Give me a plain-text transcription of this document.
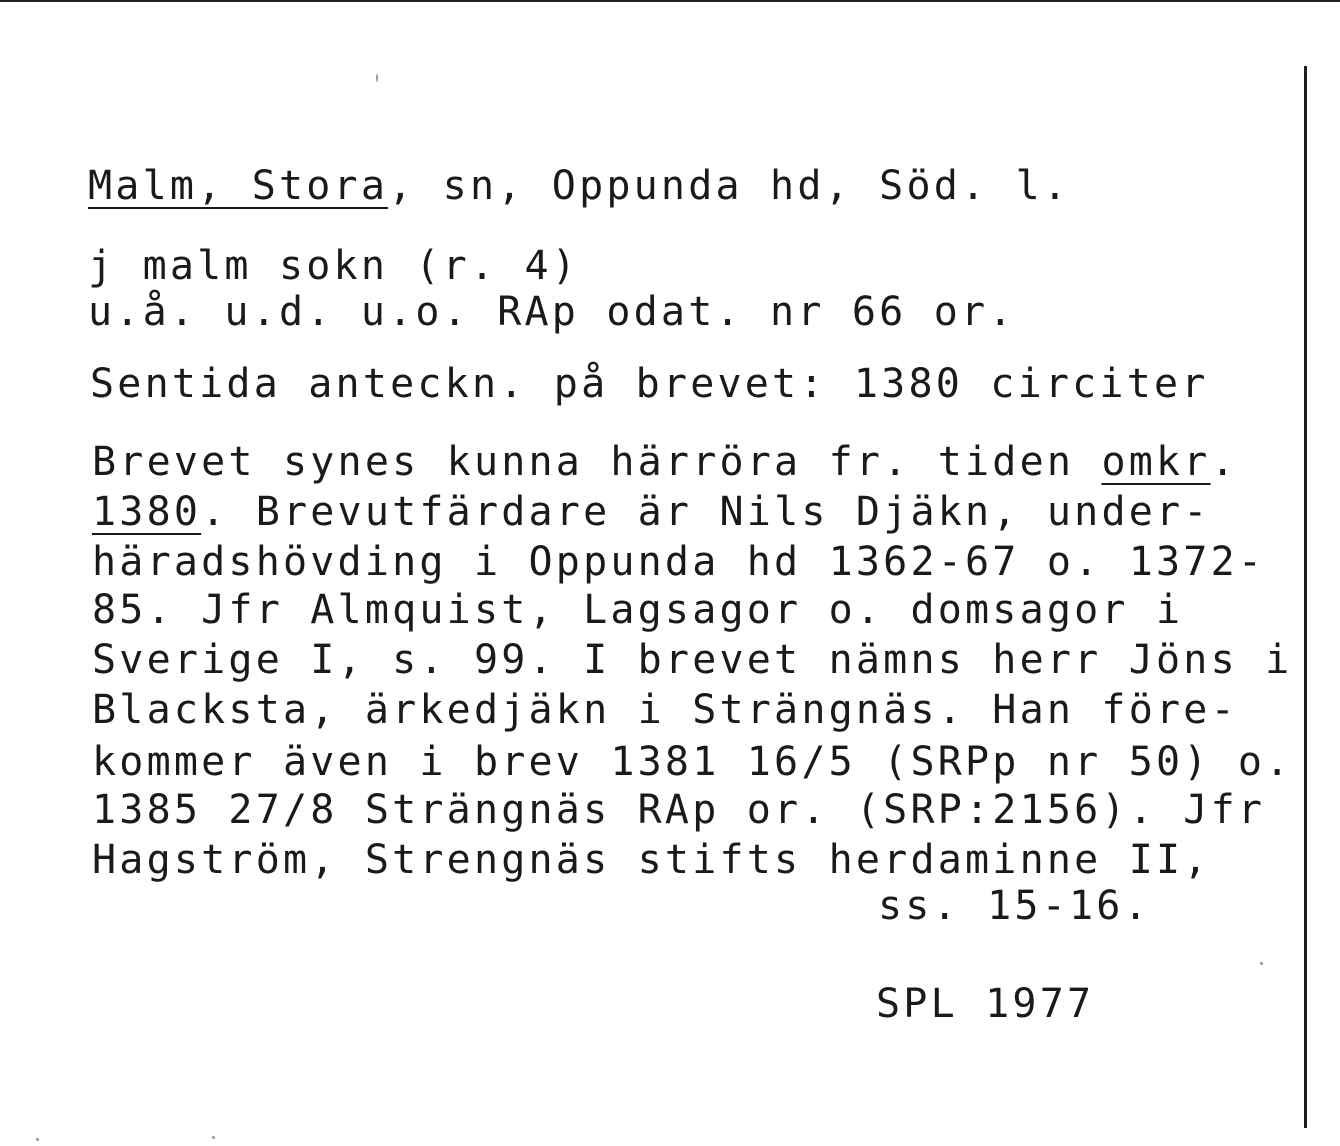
Malm, Stora, sn, Oppunda hd, Söd. l.
j malm sokn (r. 4)
u.å. u.d. u.o. RAp odat. nr 66 or.
Sentida anteckn. på brevet: 1380 circiter
Brevet synes kunna härröra fr. tiden omkr.
1380. Brevutfärdare är Nils Djäkn, under-
häradshövding i Oppunda hd 1362-67 o. 1372-
85. Jfr Almquist, Lagsagor o. domsagor i
Sverige I, s. 99. I brevet nämns herr Jöns i
Blacksta, ärkedjäkn i Strängnäs. Han före-
kommer även i brev 1381 16/5 (SRPp nr 50) o.
1385 27/8 Strängnäs RAp or. (SRP:2156). Jfr
Hagström, Strengnäs stifts herdaminne II,
ss. 15-16.
SPL 1977
